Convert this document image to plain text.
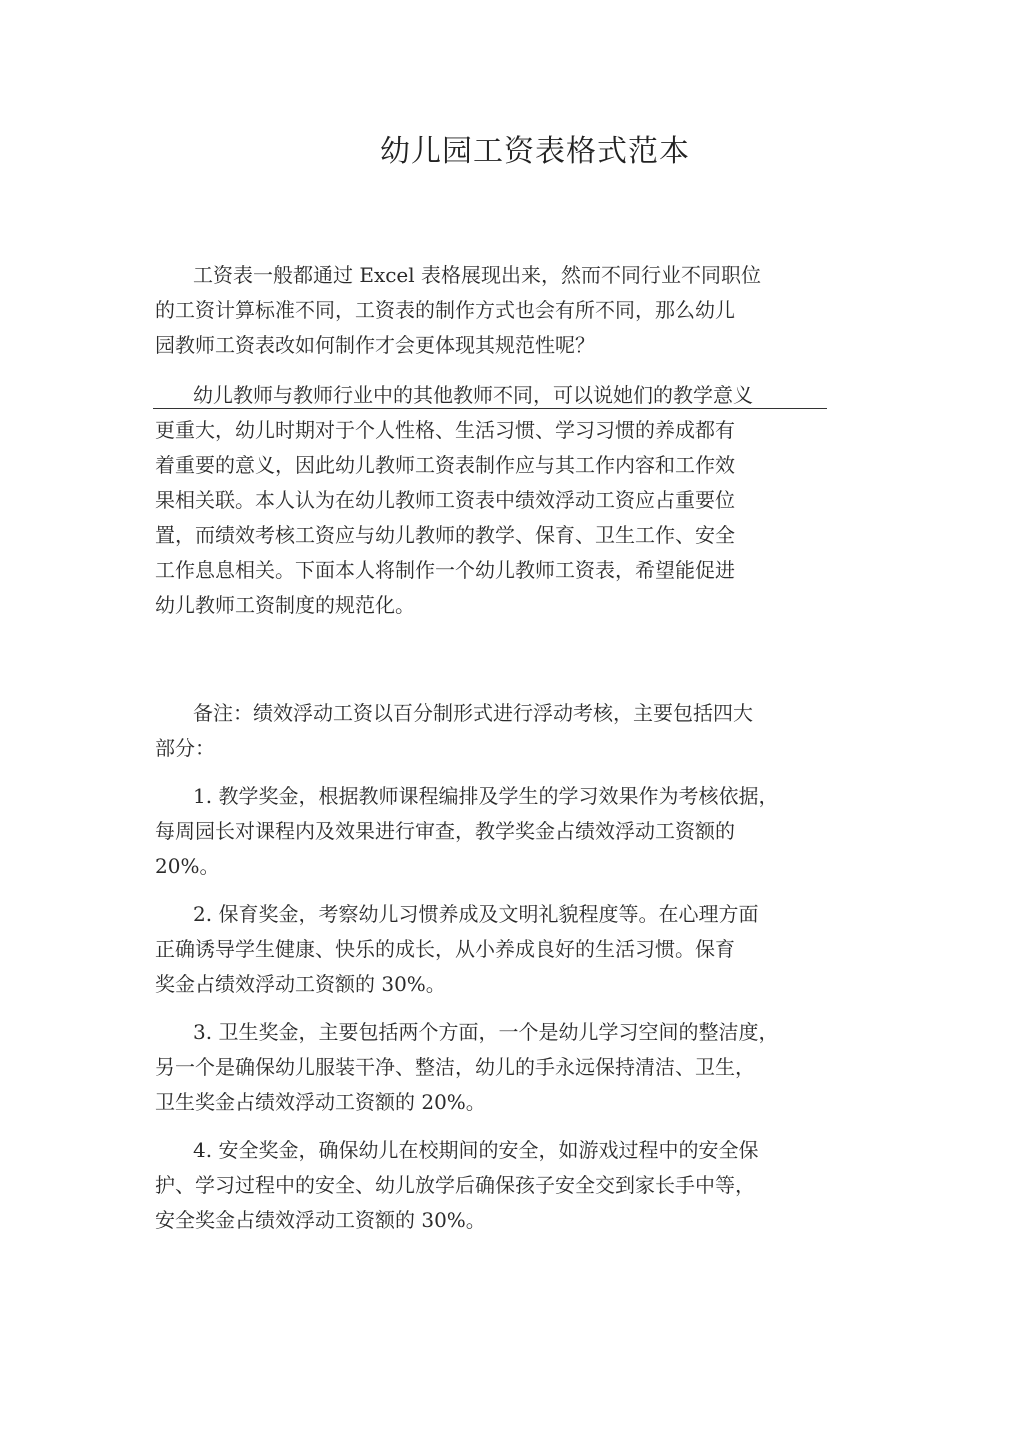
幼儿园工资表格式范本
工资表一般都通过 Excel 表格展现出来，然而不同行业不同职位
的工资计算标准不同，工资表的制作方式也会有所不同，那么幼儿
园教师工资表改如何制作才会更体现其规范性呢？
幼儿教师与教师行业中的其他教师不同，可以说她们的教学意义
更重大，幼儿时期对于个人性格、生活习惯、学习习惯的养成都有
着重要的意义，因此幼儿教师工资表制作应与其工作内容和工作效
果相关联。本人认为在幼儿教师工资表中绩效浮动工资应占重要位
置，而绩效考核工资应与幼儿教师的教学、保育、卫生工作、安全
工作息息相关。下面本人将制作一个幼儿教师工资表，希望能促进
幼儿教师工资制度的规范化。
备注：绩效浮动工资以百分制形式进行浮动考核，主要包括四大
部分：
1. 教学奖金，根据教师课程编排及学生的学习效果作为考核依据，
每周园长对课程内及效果进行审查，教学奖金占绩效浮动工资额的
20%。
2. 保育奖金，考察幼儿习惯养成及文明礼貌程度等。在心理方面
正确诱导学生健康、快乐的成长，从小养成良好的生活习惯。保育
奖金占绩效浮动工资额的 30%。
3. 卫生奖金，主要包括两个方面，一个是幼儿学习空间的整洁度，
另一个是确保幼儿服装干净、整洁，幼儿的手永远保持清洁、卫生，
卫生奖金占绩效浮动工资额的 20%。
4. 安全奖金，确保幼儿在校期间的安全，如游戏过程中的安全保
护、学习过程中的安全、幼儿放学后确保孩子安全交到家长手中等，
安全奖金占绩效浮动工资额的 30%。
